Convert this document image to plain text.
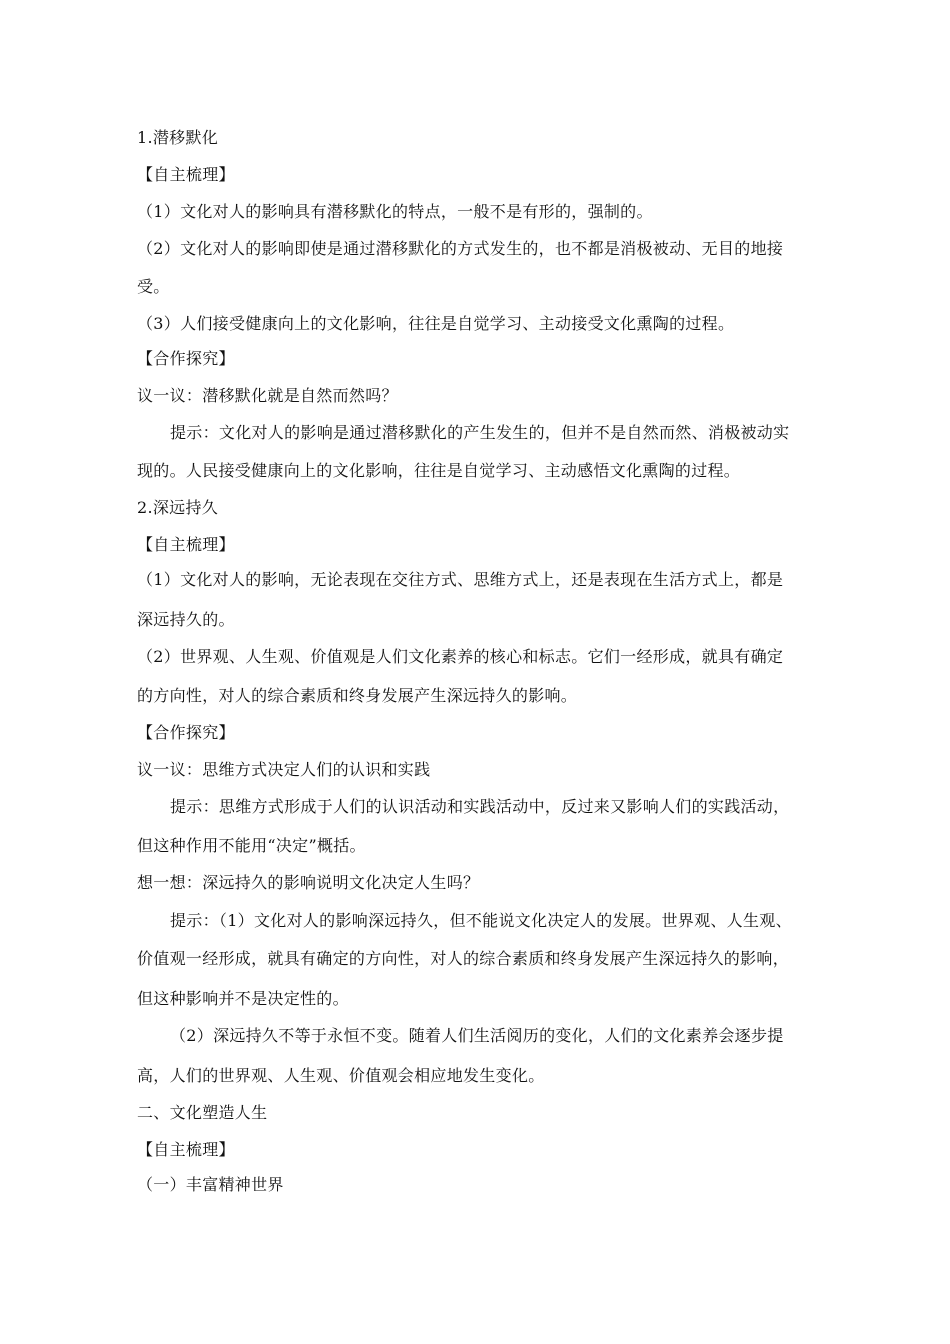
1.潜移默化

【自主梳理】

（1）文化对人的影响具有潜移默化的特点，一般不是有形的，强制的。

（2）文化对人的影响即使是通过潜移默化的方式发生的，也不都是消极被动、无目的地接

受。

（3）人们接受健康向上的文化影响，往往是自觉学习、主动接受文化熏陶的过程。

【合作探究】

议一议：潜移默化就是自然而然吗？

提示：文化对人的影响是通过潜移默化的产生发生的，但并不是自然而然、消极被动实

现的。人民接受健康向上的文化影响，往往是自觉学习、主动感悟文化熏陶的过程。

2.深远持久

【自主梳理】

（1）文化对人的影响，无论表现在交往方式、思维方式上，还是表现在生活方式上，都是

深远持久的。

（2）世界观、人生观、价值观是人们文化素养的核心和标志。它们一经形成，就具有确定

的方向性，对人的综合素质和终身发展产生深远持久的影响。

【合作探究】

议一议：思维方式决定人们的认识和实践

提示：思维方式形成于人们的认识活动和实践活动中，反过来又影响人们的实践活动，

但这种作用不能用“决定”概括。

想一想：深远持久的影响说明文化决定人生吗？

提示：（1）文化对人的影响深远持久，但不能说文化决定人的发展。世界观、人生观、

价值观一经形成，就具有确定的方向性，对人的综合素质和终身发展产生深远持久的影响，

但这种影响并不是决定性的。

（2）深远持久不等于永恒不变。随着人们生活阅历的变化，人们的文化素养会逐步提

高，人们的世界观、人生观、价值观会相应地发生变化。

二、文化塑造人生

【自主梳理】

（一）丰富精神世界
